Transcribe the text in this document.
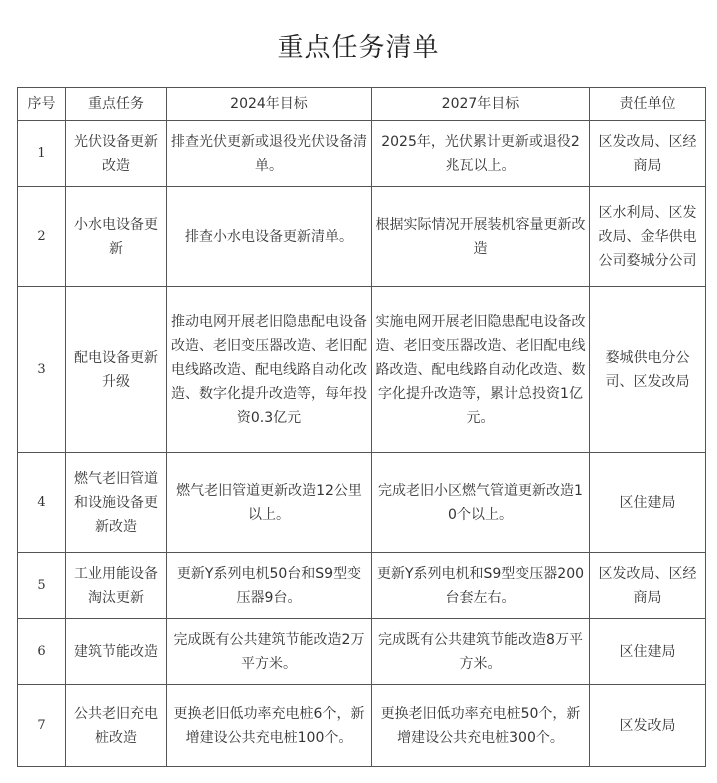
重点任务清单
序号	重点任务	2024年目标	2027年目标	责任单位
1	光伏设备更新改造	排查光伏更新或退役光伏设备清单。	2025年，光伏累计更新或退役2兆瓦以上。	区发改局、区经商局
2	小水电设备更新	排查小水电设备更新清单。	根据实际情况开展装机容量更新改造	区水利局、区发改局、金华供电公司婺城分公司
3	配电设备更新升级	推动电网开展老旧隐患配电设备改造、老旧变压器改造、老旧配电线路改造、配电线路自动化改造、数字化提升改造等，每年投资0.3亿元	实施电网开展老旧隐患配电设备改造、老旧变压器改造、老旧配电线路改造、配电线路自动化改造、数字化提升改造等，累计总投资1亿元。	婺城供电分公司、区发改局
4	燃气老旧管道和设施设备更新改造	燃气老旧管道更新改造12公里以上。	完成老旧小区燃气管道更新改造10个以上。	区住建局
5	工业用能设备淘汰更新	更新Y系列电机50台和S9型变压器9台。	更新Y系列电机和S9型变压器200台套左右。	区发改局、区经商局
6	建筑节能改造	完成既有公共建筑节能改造2万平方米。	完成既有公共建筑节能改造8万平方米。	区住建局
7	公共老旧充电桩改造	更换老旧低功率充电桩6个，新增建设公共充电桩100个。	更换老旧低功率充电桩50个，新增建设公共充电桩300个。	区发改局
